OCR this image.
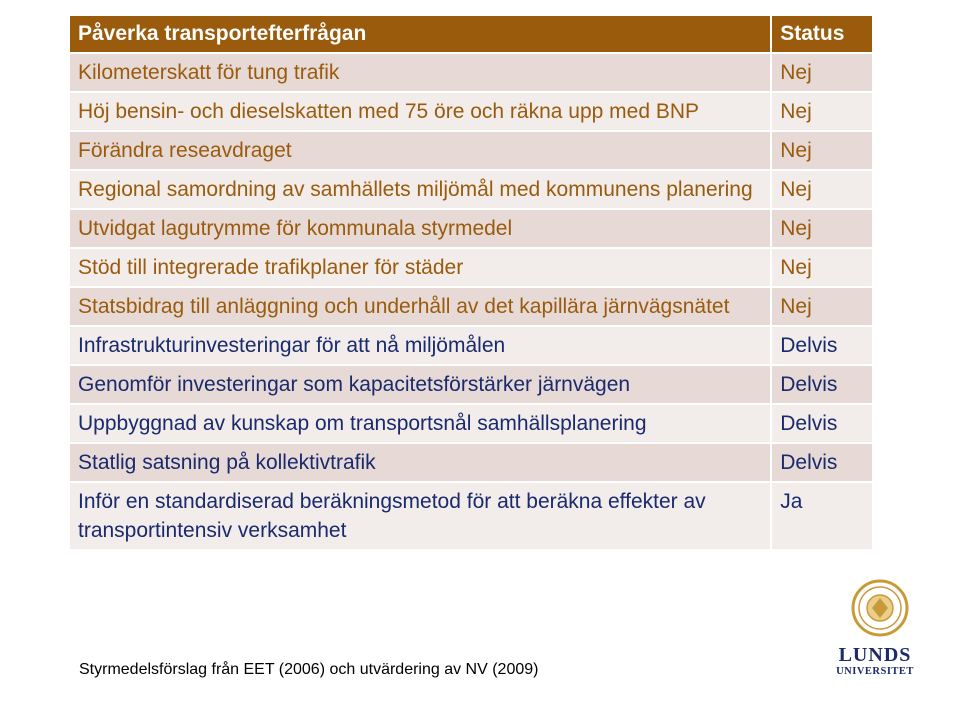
Påverka transportefterfrågan	Status
Kilometerskatt för tung trafik	Nej
Höj bensin- och dieselskatten med 75 öre och räkna upp med BNP	Nej
Förändra reseavdraget	Nej
Regional samordning av samhällets miljömål med kommunens planering	Nej
Utvidgat lagutrymme för kommunala styrmedel	Nej
Stöd till integrerade trafikplaner för städer	Nej
Statsbidrag till anläggning och underhåll av det kapillära järnvägsnätet	Nej
Infrastrukturinvesteringar för att nå miljömålen	Delvis
Genomför investeringar som kapacitetsförstärker järnvägen	Delvis
Uppbyggnad av kunskap om transportsnål samhällsplanering	Delvis
Statlig satsning på kollektivtrafik	Delvis
Inför en standardiserad beräkningsmetod för att beräkna effekter av transportintensiv verksamhet	Ja
Styrmedelsförslag från EET (2006) och utvärdering av NV (2009)
LUNDS
UNIVERSITET
